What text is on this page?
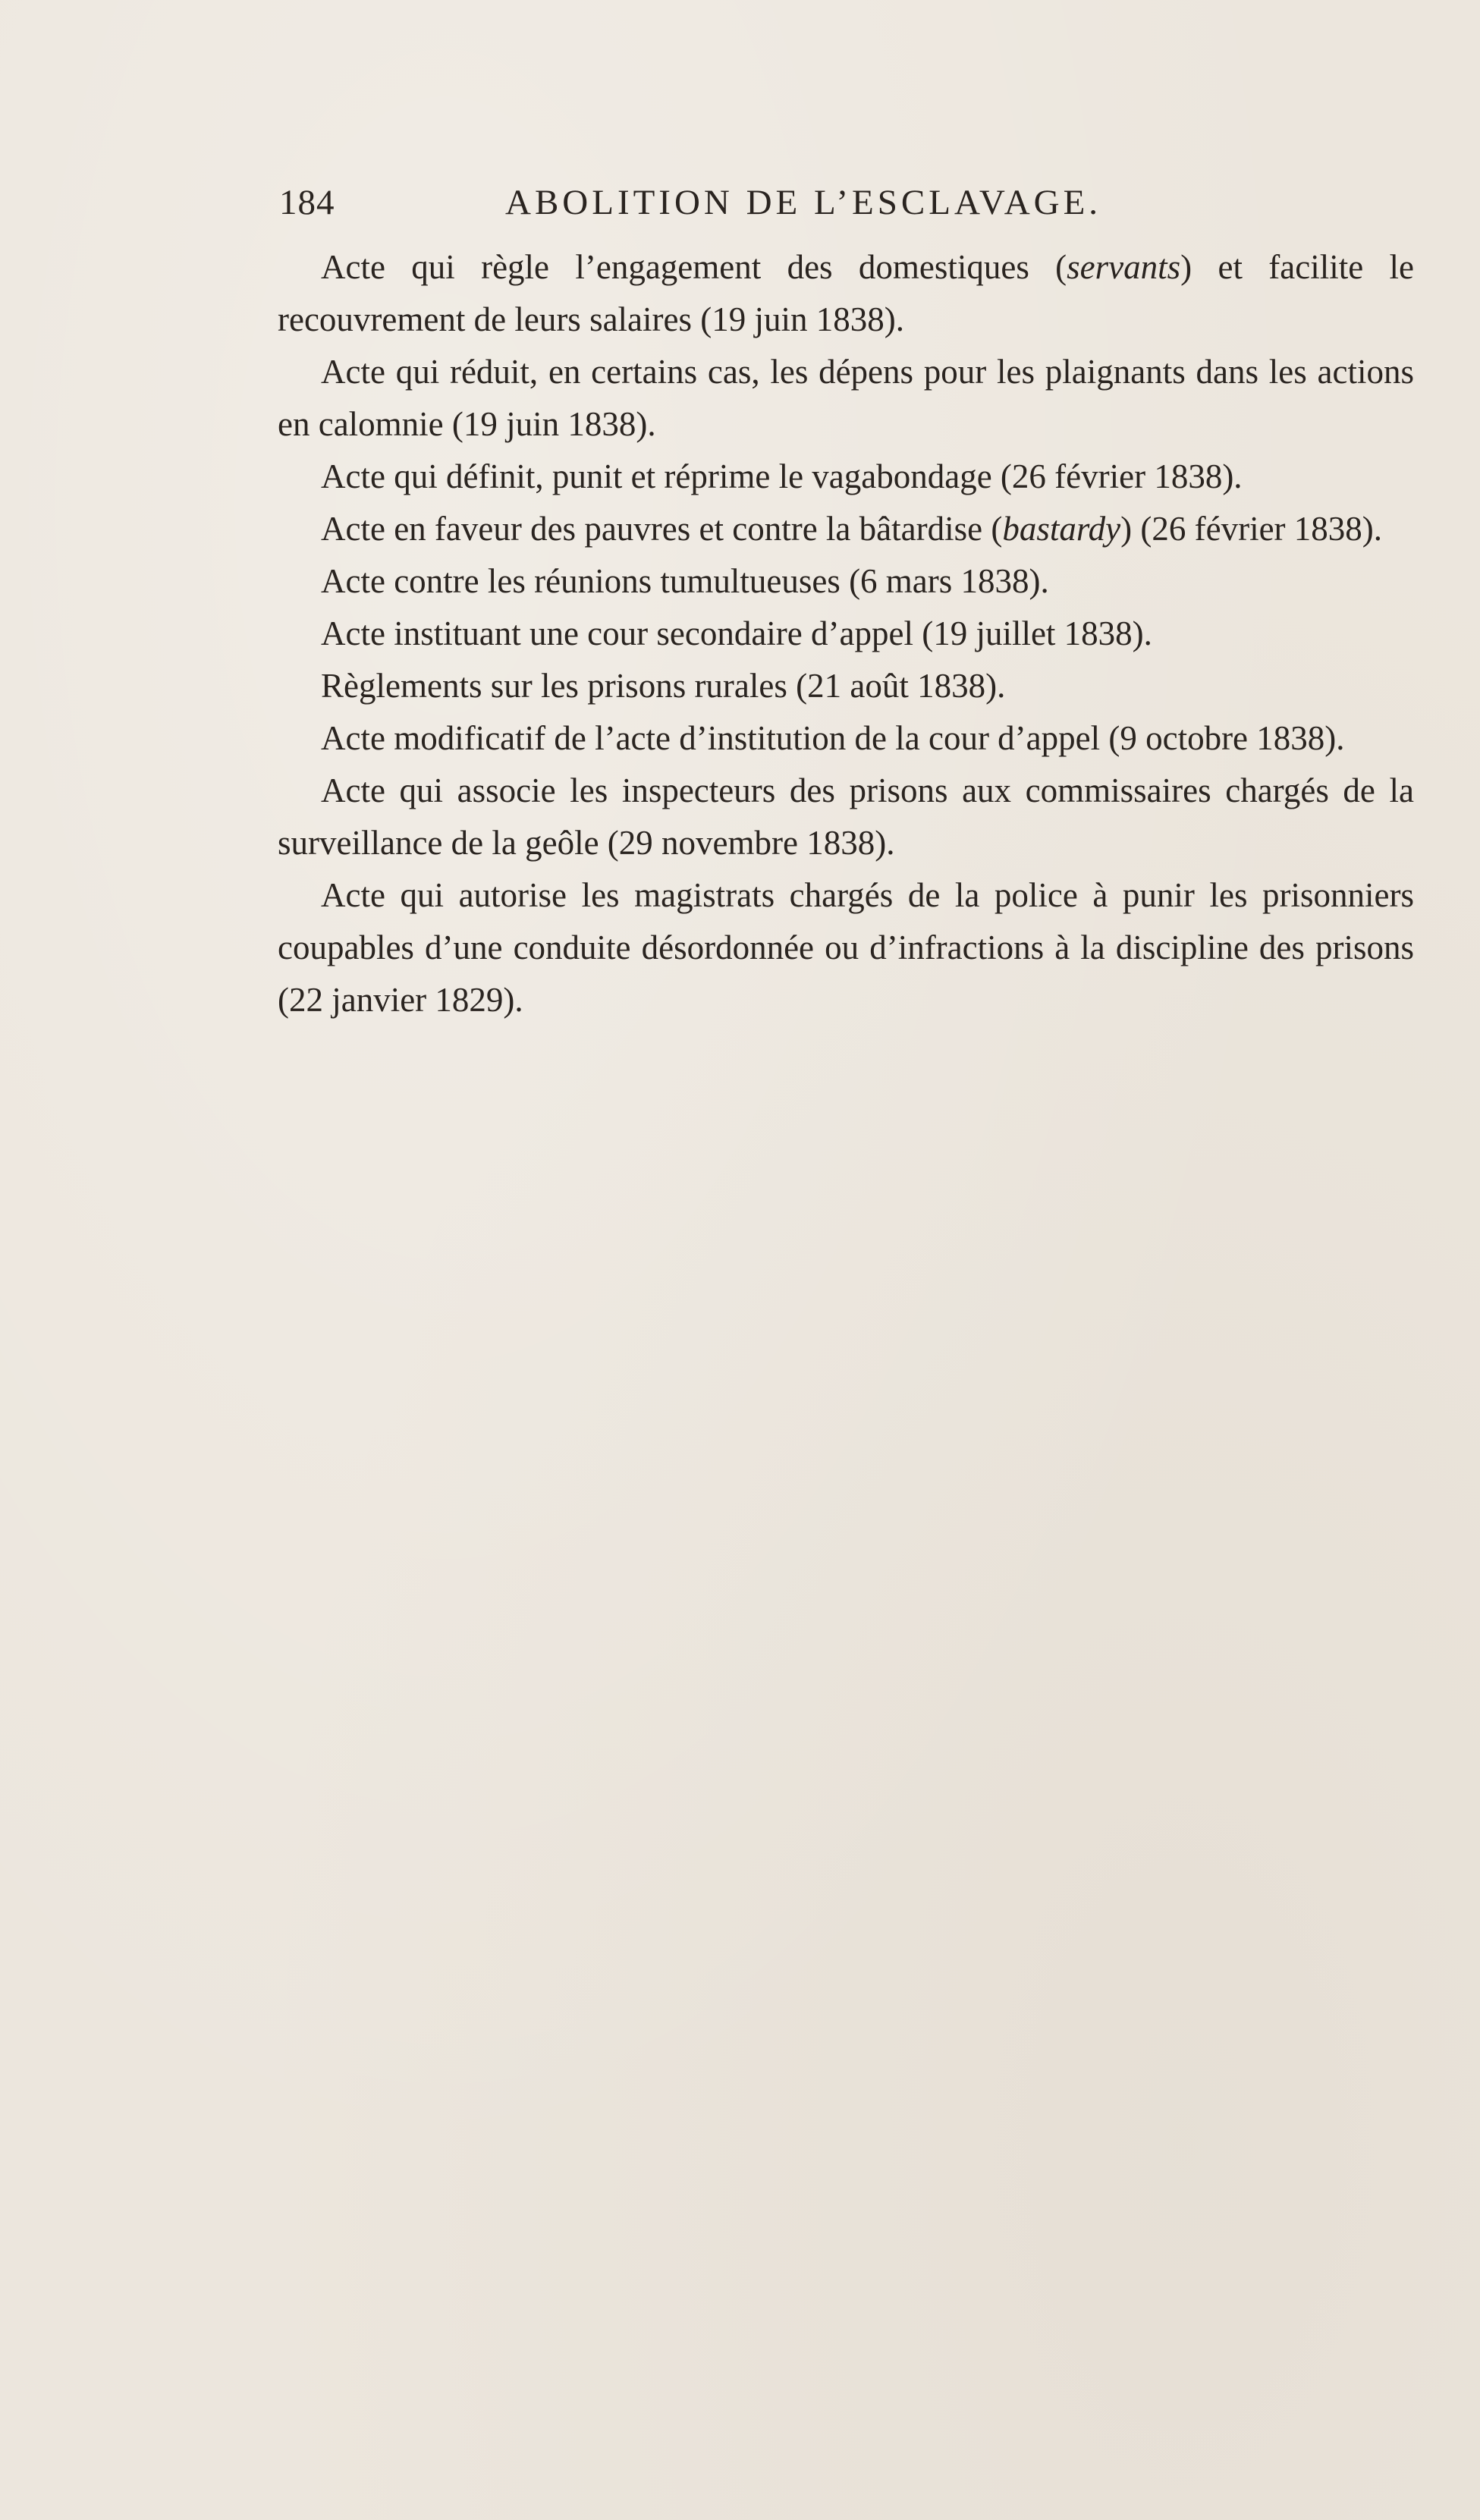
184	ABOLITION DE L’ESCLAVAGE.

Acte qui règle l’engagement des domestiques (servants) et facilite le recouvrement de leurs salaires (19 juin 1838).

Acte qui réduit, en certains cas, les dépens pour les plaignants dans les actions en calomnie (19 juin 1838).

Acte qui définit, punit et réprime le vagabondage (26 février 1838).

Acte en faveur des pauvres et contre la bâtardise (bastardy) (26 février 1838).

Acte contre les réunions tumultueuses (6 mars 1838).

Acte instituant une cour secondaire d’appel (19 juillet 1838).

Règlements sur les prisons rurales (21 août 1838).

Acte modificatif de l’acte d’institution de la cour d’appel (9 octobre 1838).

Acte qui associe les inspecteurs des prisons aux commissaires chargés de la surveillance de la geôle (29 novembre 1838).

Acte qui autorise les magistrats chargés de la police à punir les prisonniers coupables d’une conduite désordonnée ou d’infractions à la discipline des prisons (22 janvier 1829).
